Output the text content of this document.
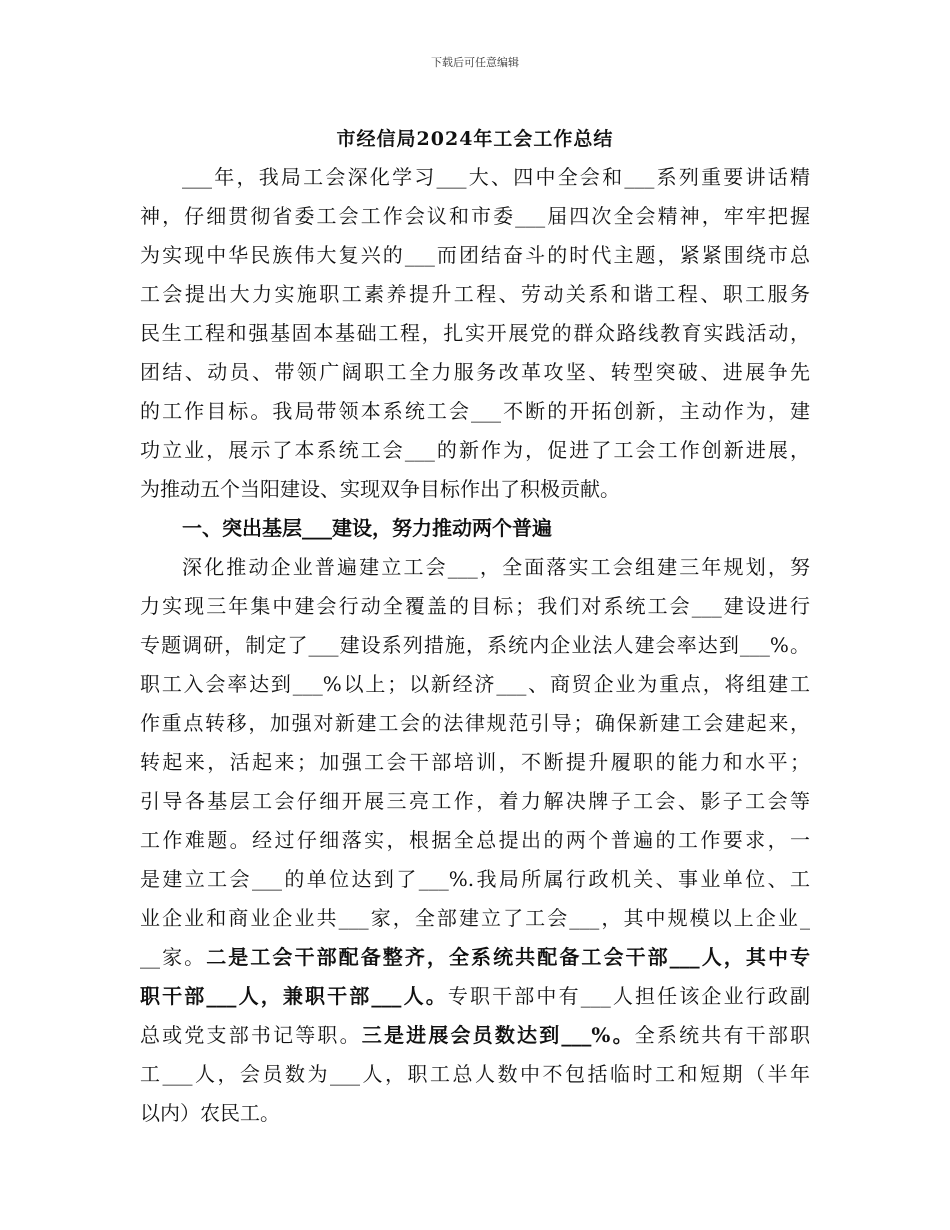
下载后可任意编辑
市经信局2024年工会工作总结
___年，我局工会深化学习___大、四中全会和___系列重要讲话精
神，仔细贯彻省委工会工作会议和市委___届四次全会精神，牢牢把握
为实现中华民族伟大复兴的___而团结奋斗的时代主题，紧紧围绕市总
工会提出大力实施职工素养提升工程、劳动关系和谐工程、职工服务
民生工程和强基固本基础工程，扎实开展党的群众路线教育实践活动，
团结、动员、带领广阔职工全力服务改革攻坚、转型突破、进展争先
的工作目标。我局带领本系统工会___不断的开拓创新，主动作为，建
功立业，展示了本系统工会___的新作为，促进了工会工作创新进展，
为推动五个当阳建设、实现双争目标作出了积极贡献。
一、突出基层___建设，努力推动两个普遍
深化推动企业普遍建立工会___，全面落实工会组建三年规划，努
力实现三年集中建会行动全覆盖的目标；我们对系统工会___建设进行
专题调研，制定了___建设系列措施，系统内企业法人建会率达到___%。
职工入会率达到___%以上；以新经济___、商贸企业为重点，将组建工
作重点转移，加强对新建工会的法律规范引导；确保新建工会建起来，
转起来，活起来；加强工会干部培训，不断提升履职的能力和水平；
引导各基层工会仔细开展三亮工作，着力解决牌子工会、影子工会等
工作难题。经过仔细落实，根据全总提出的两个普遍的工作要求，一
是建立工会___的单位达到了___%.我局所属行政机关、事业单位、工
业企业和商业企业共___家，全部建立了工会___，其中规模以上企业_
__家。二是工会干部配备整齐，全系统共配备工会干部___人，其中专
职干部___人，兼职干部___人。专职干部中有___人担任该企业行政副
总或党支部书记等职。三是进展会员数达到___%。全系统共有干部职
工___人，会员数为___人，职工总人数中不包括临时工和短期（半年
以内）农民工。
